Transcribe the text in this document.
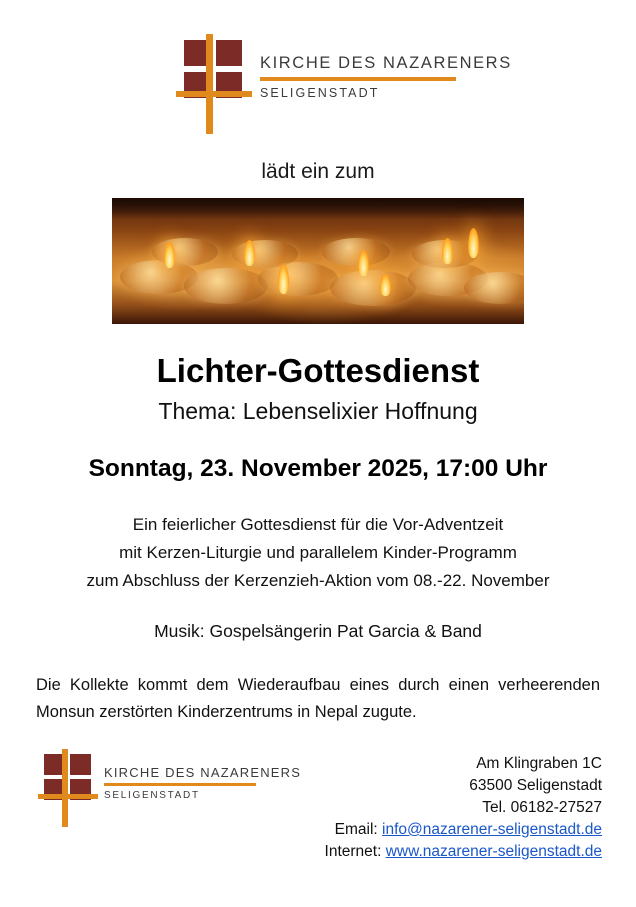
KIRCHE DES NAZARENERS
SELIGENSTADT
lädt ein zum
Lichter-Gottesdienst
Thema: Lebenselixier Hoffnung
Sonntag, 23. November 2025, 17:00 Uhr
Ein feierlicher Gottesdienst für die Vor-Adventzeit
mit Kerzen-Liturgie und parallelem Kinder-Programm
zum Abschluss der Kerzenzieh-Aktion vom 08.-22. November
Musik: Gospelsängerin Pat Garcia & Band
Die Kollekte kommt dem Wiederaufbau eines durch einen verheerenden Monsun zerstörten Kinderzentrums in Nepal zugute.
KIRCHE DES NAZARENERS
SELIGENSTADT
Am Klingraben 1C
63500 Seligenstadt
Tel. 06182-27527
Email: info@nazarener-seligenstadt.de
Internet: www.nazarener-seligenstadt.de
